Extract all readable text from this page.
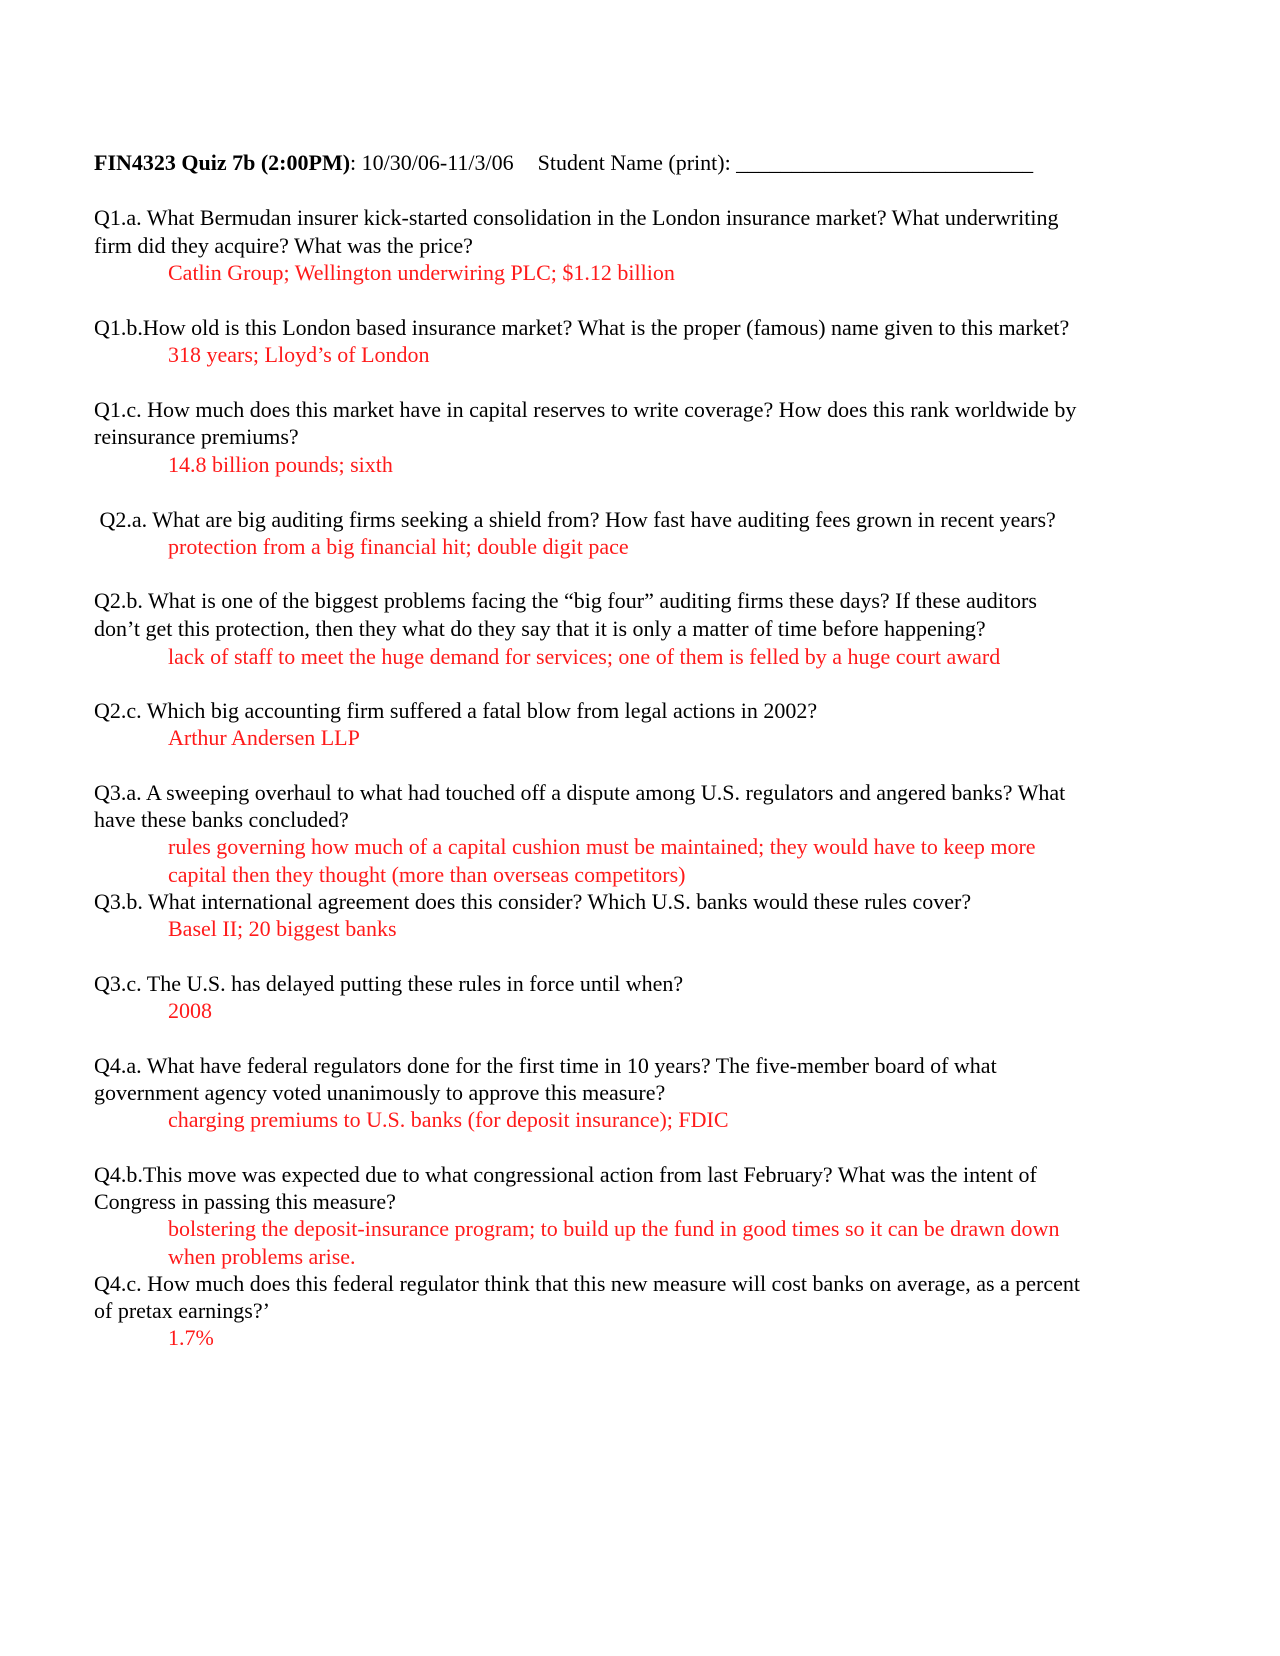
FIN4323 Quiz 7b (2:00PM): 10/30/06-11/3/06 Student Name (print): ___________________________
Q1.a. What Bermudan insurer kick-started consolidation in the London insurance market? What underwriting
firm did they acquire? What was the price?
Catlin Group; Wellington underwiring PLC; $1.12 billion
Q1.b.How old is this London based insurance market? What is the proper (famous) name given to this market?
318 years; Lloyd’s of London
Q1.c. How much does this market have in capital reserves to write coverage? How does this rank worldwide by
reinsurance premiums?
14.8 billion pounds; sixth
Q2.a. What are big auditing firms seeking a shield from? How fast have auditing fees grown in recent years?
protection from a big financial hit; double digit pace
Q2.b. What is one of the biggest problems facing the “big four” auditing firms these days? If these auditors
don’t get this protection, then they what do they say that it is only a matter of time before happening?
lack of staff to meet the huge demand for services; one of them is felled by a huge court award
Q2.c. Which big accounting firm suffered a fatal blow from legal actions in 2002?
Arthur Andersen LLP
Q3.a. A sweeping overhaul to what had touched off a dispute among U.S. regulators and angered banks? What
have these banks concluded?
rules governing how much of a capital cushion must be maintained; they would have to keep more
capital then they thought (more than overseas competitors)
Q3.b. What international agreement does this consider? Which U.S. banks would these rules cover?
Basel II; 20 biggest banks
Q3.c. The U.S. has delayed putting these rules in force until when?
2008
Q4.a. What have federal regulators done for the first time in 10 years? The five-member board of what
government agency voted unanimously to approve this measure?
charging premiums to U.S. banks (for deposit insurance); FDIC
Q4.b.This move was expected due to what congressional action from last February? What was the intent of
Congress in passing this measure?
bolstering the deposit-insurance program; to build up the fund in good times so it can be drawn down
when problems arise.
Q4.c. How much does this federal regulator think that this new measure will cost banks on average, as a percent
of pretax earnings?’
1.7%
